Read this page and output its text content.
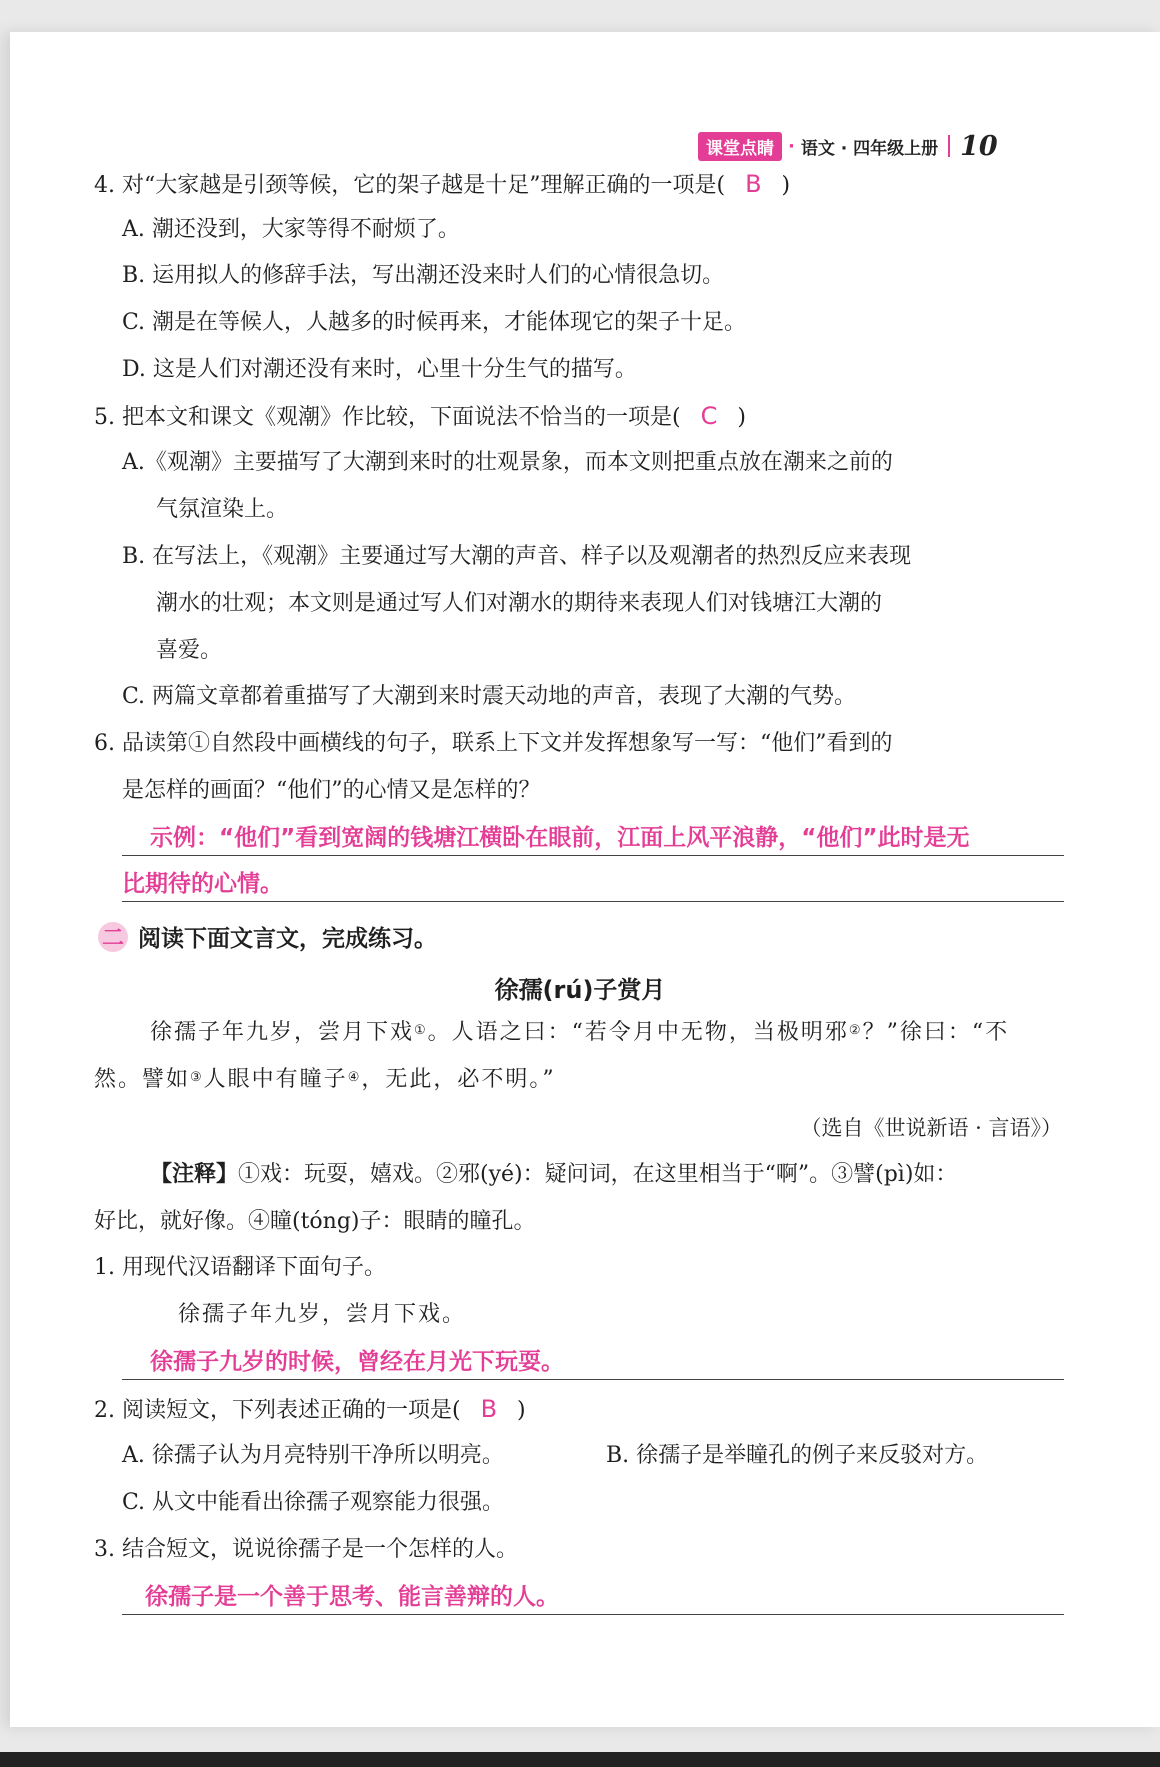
课堂点睛 · 语文 · 四年级上册 10
4. 对“大家越是引颈等候，它的架子越是十足”理解正确的一项是( B )
A. 潮还没到，大家等得不耐烦了。
B. 运用拟人的修辞手法，写出潮还没来时人们的心情很急切。
C. 潮是在等候人，人越多的时候再来，才能体现它的架子十足。
D. 这是人们对潮还没有来时，心里十分生气的描写。
5. 把本文和课文《观潮》作比较，下面说法不恰当的一项是( C )
A.《观潮》主要描写了大潮到来时的壮观景象，而本文则把重点放在潮来之前的
气氛渲染上。
B. 在写法上，《观潮》主要通过写大潮的声音、样子以及观潮者的热烈反应来表现
潮水的壮观；本文则是通过写人们对潮水的期待来表现人们对钱塘江大潮的
喜爱。
C. 两篇文章都着重描写了大潮到来时震天动地的声音，表现了大潮的气势。
6. 品读第①自然段中画横线的句子，联系上下文并发挥想象写一写：“他们”看到的
是怎样的画面？“他们”的心情又是怎样的？
示例：“他们”看到宽阔的钱塘江横卧在眼前，江面上风平浪静，“他们”此时是无
比期待的心情。
二 阅读下面文言文，完成练习。
徐孺(rú)子赏月
徐孺子年九岁，尝月下戏①。人语之曰：“若令月中无物，当极明邪②？”徐曰：“不
然。譬如③人眼中有瞳子④，无此，必不明。”
（选自《世说新语 · 言语》）
【注释】①戏：玩耍，嬉戏。②邪(yé)：疑问词，在这里相当于“啊”。③譬(pì)如：
好比，就好像。④瞳(tóng)子：眼睛的瞳孔。
1. 用现代汉语翻译下面句子。
徐孺子年九岁，尝月下戏。
徐孺子九岁的时候，曾经在月光下玩耍。
2. 阅读短文，下列表述正确的一项是( B )
A. 徐孺子认为月亮特别干净所以明亮。	B. 徐孺子是举瞳孔的例子来反驳对方。
C. 从文中能看出徐孺子观察能力很强。
3. 结合短文，说说徐孺子是一个怎样的人。
徐孺子是一个善于思考、能言善辩的人。
